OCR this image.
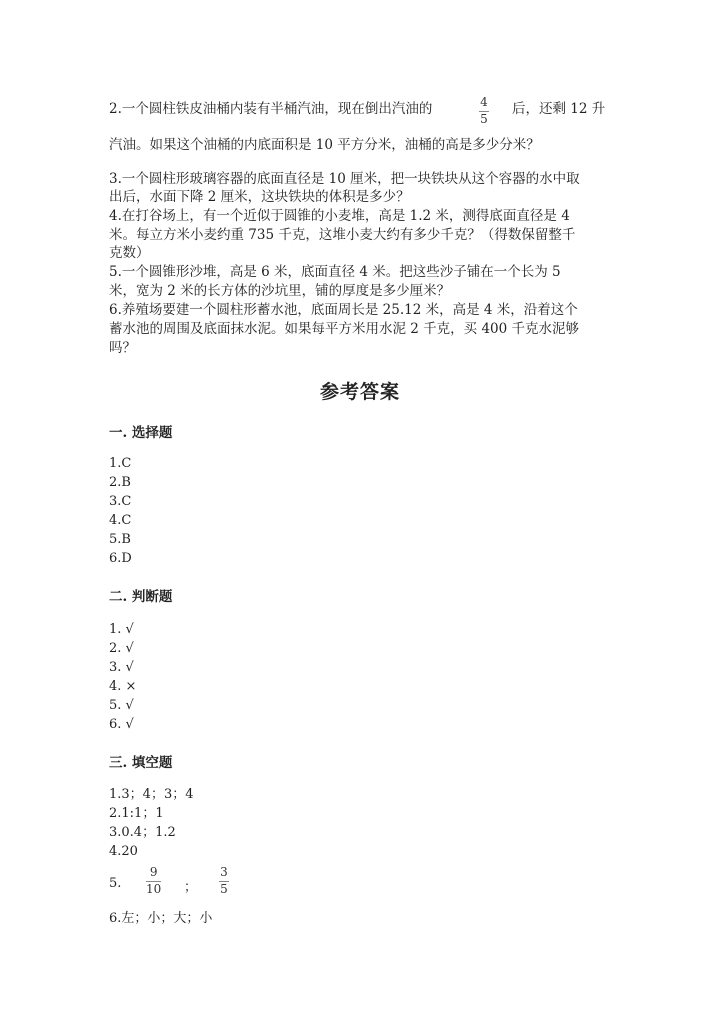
2.一个圆柱铁皮油桶内装有半桶汽油，现在倒出汽油的	4
5
后，还剩 12 升
汽油。如果这个油桶的内底面积是 10 平方分米，油桶的高是多少分米？
3.一个圆柱形玻璃容器的底面直径是 10 厘米，把一块铁块从这个容器的水中取
出后，水面下降 2 厘米，这块铁块的体积是多少？
4.在打谷场上，有一个近似于圆锥的小麦堆，高是 1.2 米，测得底面直径是 4
米。每立方米小麦约重 735 千克，这堆小麦大约有多少千克？（得数保留整千
克数）
5.一个圆锥形沙堆，高是 6 米，底面直径 4 米。把这些沙子铺在一个长为 5
米，宽为 2 米的长方体的沙坑里，铺的厚度是多少厘米？
6.养殖场要建一个圆柱形蓄水池，底面周长是 25.12 米，高是 4 米，沿着这个
蓄水池的周围及底面抹水泥。如果每平方米用水泥 2 千克，买 400 千克水泥够
吗？
参考答案
一. 选择题
1.C
2.B
3.C
4.C
5.B
6.D
二. 判断题
1. √
2. √
3. √
4. ×
5. √
6. √
三. 填空题
1.3；4；3；4
2.1:1；1
3.0.4；1.2
4.20
5.
9
10 ；
3
5
6.左；小；大；小
